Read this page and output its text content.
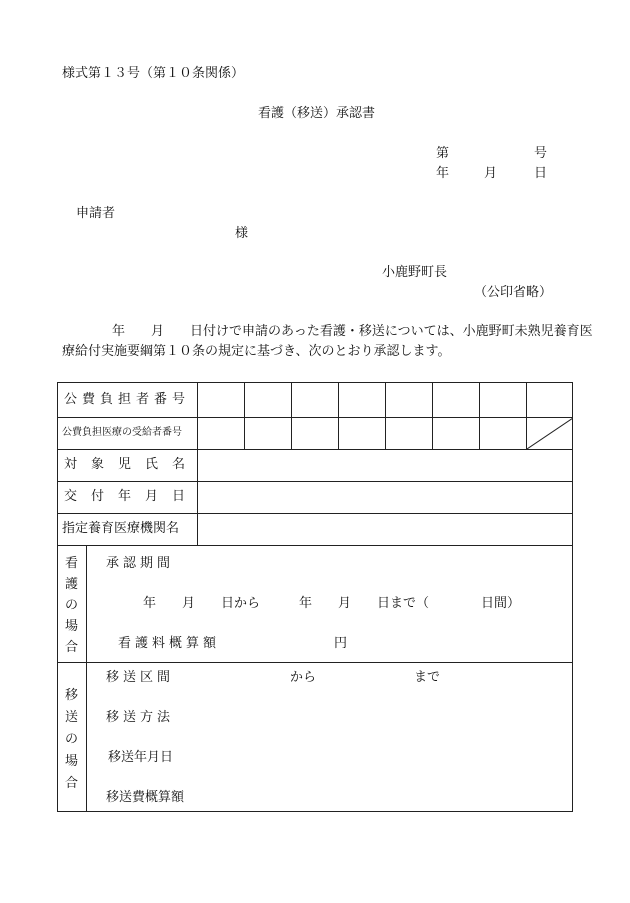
様式第１３号（第１０条関係）
看護（移送）承認書
第	号
年	月	日
申請者
様
小鹿野町長
（公印省略）
年　　月　　日付けで申請のあった看護・移送については、小鹿野町未熟児養育医
療給付実施要綱第１０条の規定に基づき、次のとおり承認します。
公費負担者番号
公費負担医療の受給者番号
対象児氏名
交付年月日
指定養育医療機関名
看
護
の
場
合
承認期間
年　　月　　日から　　　年　　月　　日まで（　　　　日間）
看護料概算額	円
移
送
の
場
合
移送区間	から	まで
移送方法
移送年月日
移送費概算額
